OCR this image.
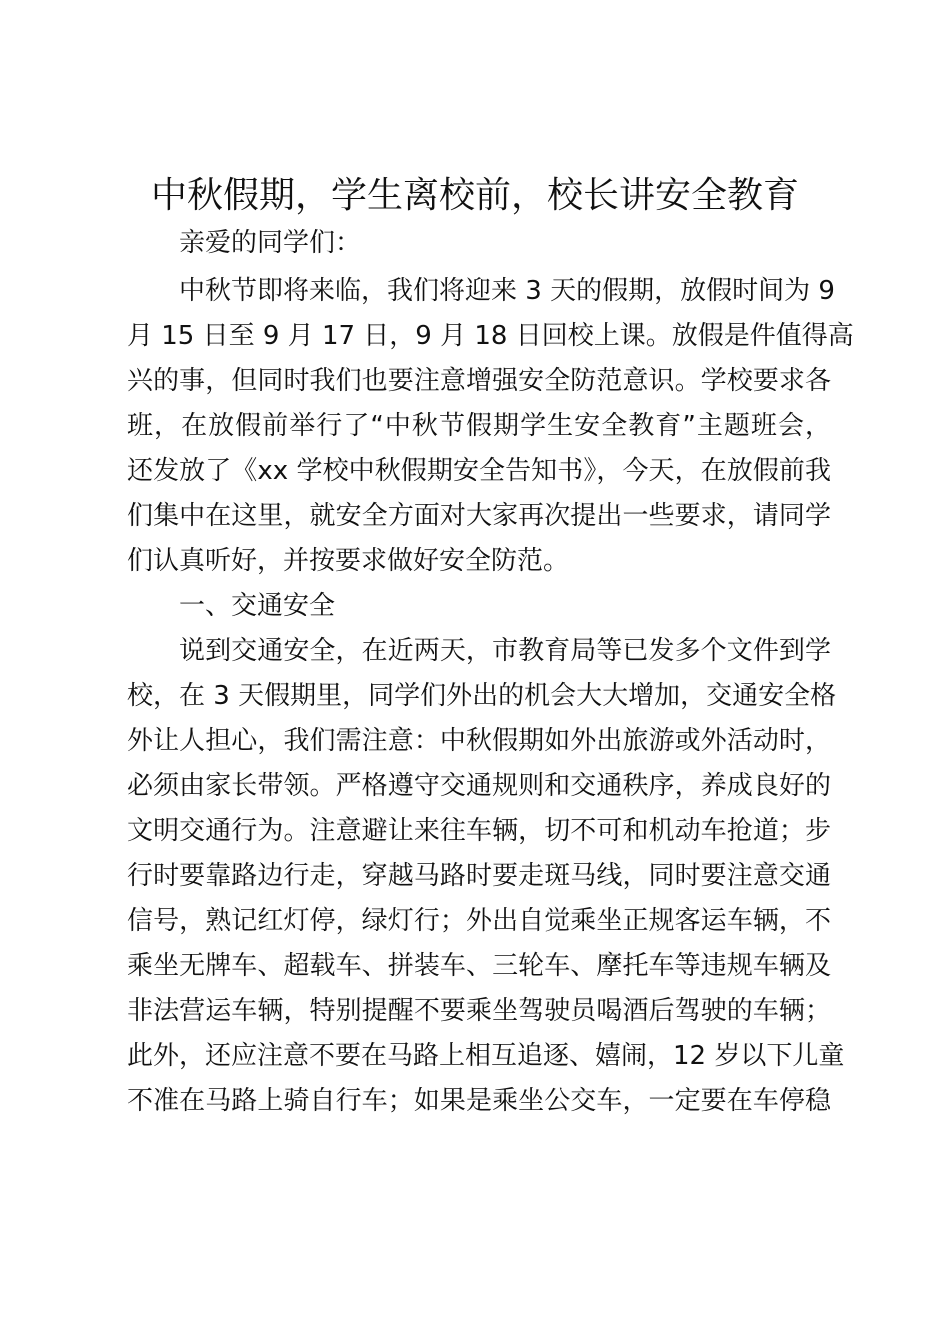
中秋假期，学生离校前，校长讲安全教育

亲爱的同学们：

中秋节即将来临，我们将迎来 3 天的假期，放假时间为 9

月 15 日至 9 月 17 日，9 月 18 日回校上课。放假是件值得高

兴的事，但同时我们也要注意增强安全防范意识。学校要求各

班，在放假前举行了“中秋节假期学生安全教育”主题班会，

还发放了《xx 学校中秋假期安全告知书》，今天，在放假前我

们集中在这里，就安全方面对大家再次提出一些要求，请同学

们认真听好，并按要求做好安全防范。

一、交通安全

说到交通安全，在近两天，市教育局等已发多个文件到学

校，在 3 天假期里，同学们外出的机会大大增加，交通安全格

外让人担心，我们需注意：中秋假期如外出旅游或外活动时，

必须由家长带领。严格遵守交通规则和交通秩序，养成良好的

文明交通行为。注意避让来往车辆，切不可和机动车抢道；步

行时要靠路边行走，穿越马路时要走斑马线，同时要注意交通

信号，熟记红灯停，绿灯行；外出自觉乘坐正规客运车辆，不

乘坐无牌车、超载车、拼装车、三轮车、摩托车等违规车辆及

非法营运车辆，特别提醒不要乘坐驾驶员喝酒后驾驶的车辆；

此外，还应注意不要在马路上相互追逐、嬉闹，12 岁以下儿童

不准在马路上骑自行车；如果是乘坐公交车，一定要在车停稳
